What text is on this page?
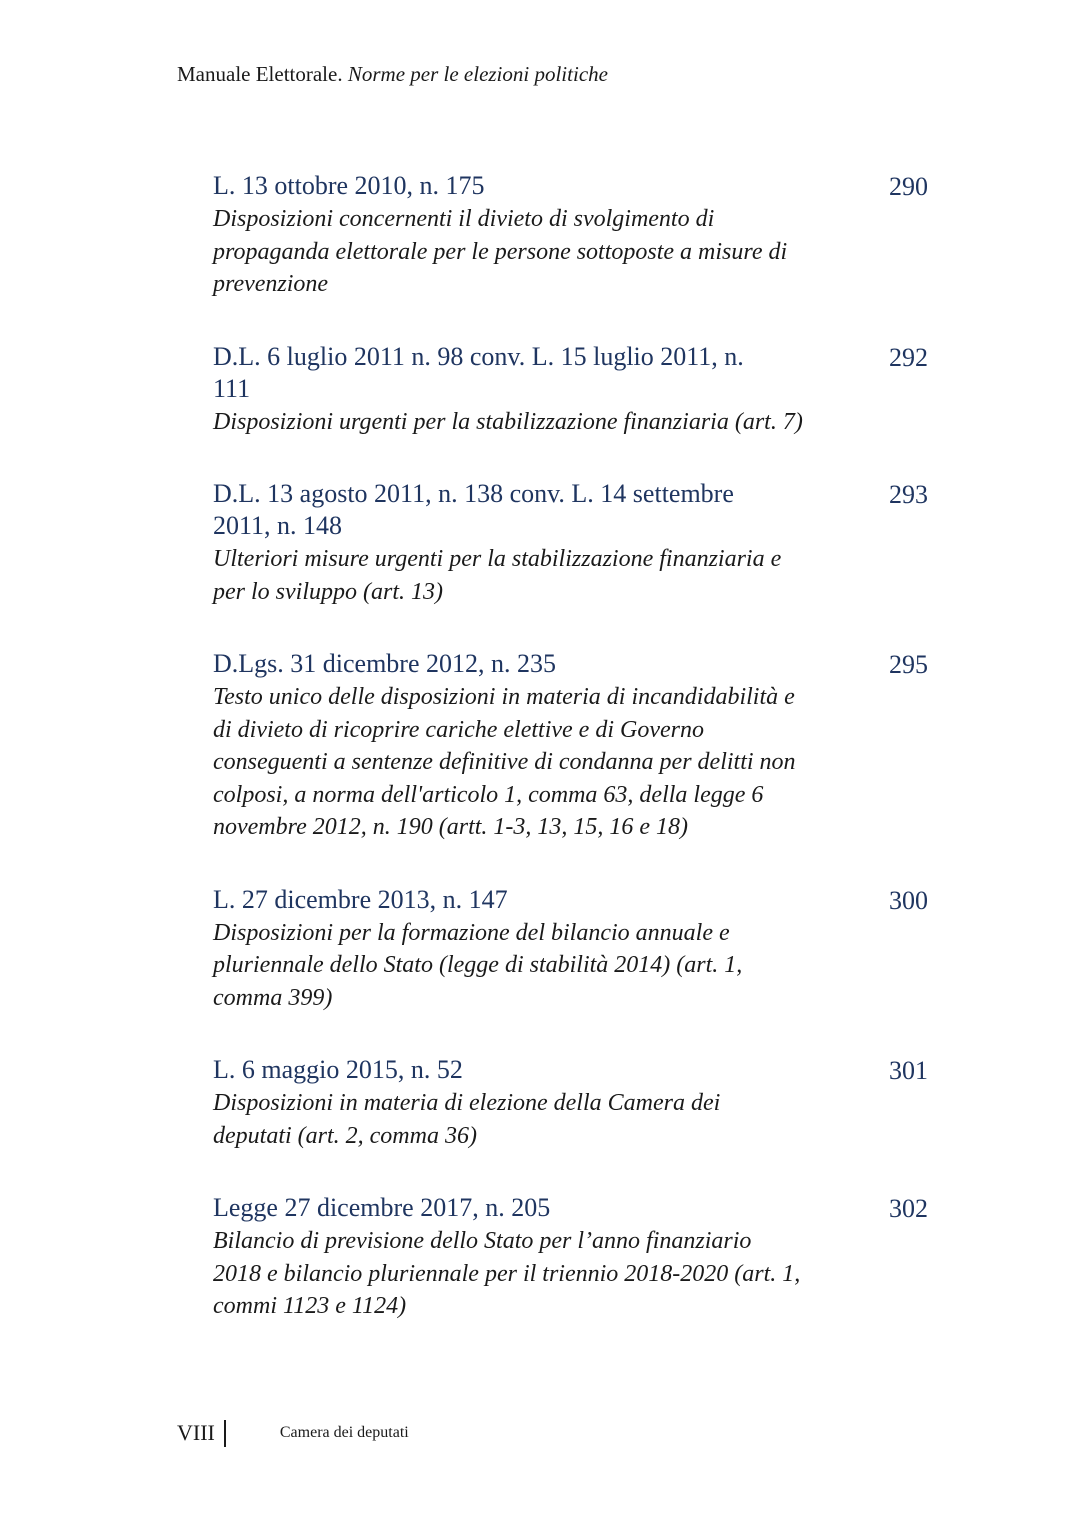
Manuale Elettorale. Norme per le elezioni politiche
L. 13 ottobre 2010, n. 175
Disposizioni concernenti il divieto di svolgimento di propaganda elettorale per le persone sottoposte a misure di prevenzione
290
D.L. 6 luglio 2011 n. 98 conv. L. 15 luglio 2011, n. 111
Disposizioni urgenti per la stabilizzazione finanziaria (art. 7)
292
D.L. 13 agosto 2011, n. 138 conv. L. 14 settembre 2011, n. 148
Ulteriori misure urgenti per la stabilizzazione finanziaria e per lo sviluppo (art. 13)
293
D.Lgs. 31 dicembre 2012, n. 235
Testo unico delle disposizioni in materia di incandidabilità e di divieto di ricoprire cariche elettive e di Governo conseguenti a sentenze definitive di condanna per delitti non colposi, a norma dell'articolo 1, comma 63, della legge 6 novembre 2012, n. 190 (artt. 1-3, 13, 15, 16 e 18)
295
L. 27 dicembre 2013, n. 147
Disposizioni per la formazione del bilancio annuale e pluriennale dello Stato (legge di stabilità 2014) (art. 1, comma 399)
300
L. 6 maggio 2015, n. 52
Disposizioni in materia di elezione della Camera dei deputati (art. 2, comma 36)
301
Legge 27 dicembre 2017, n. 205
Bilancio di previsione dello Stato per l’anno finanziario 2018 e bilancio pluriennale per il triennio 2018-2020 (art. 1, commi 1123 e 1124)
302
VIII	Camera dei deputati
